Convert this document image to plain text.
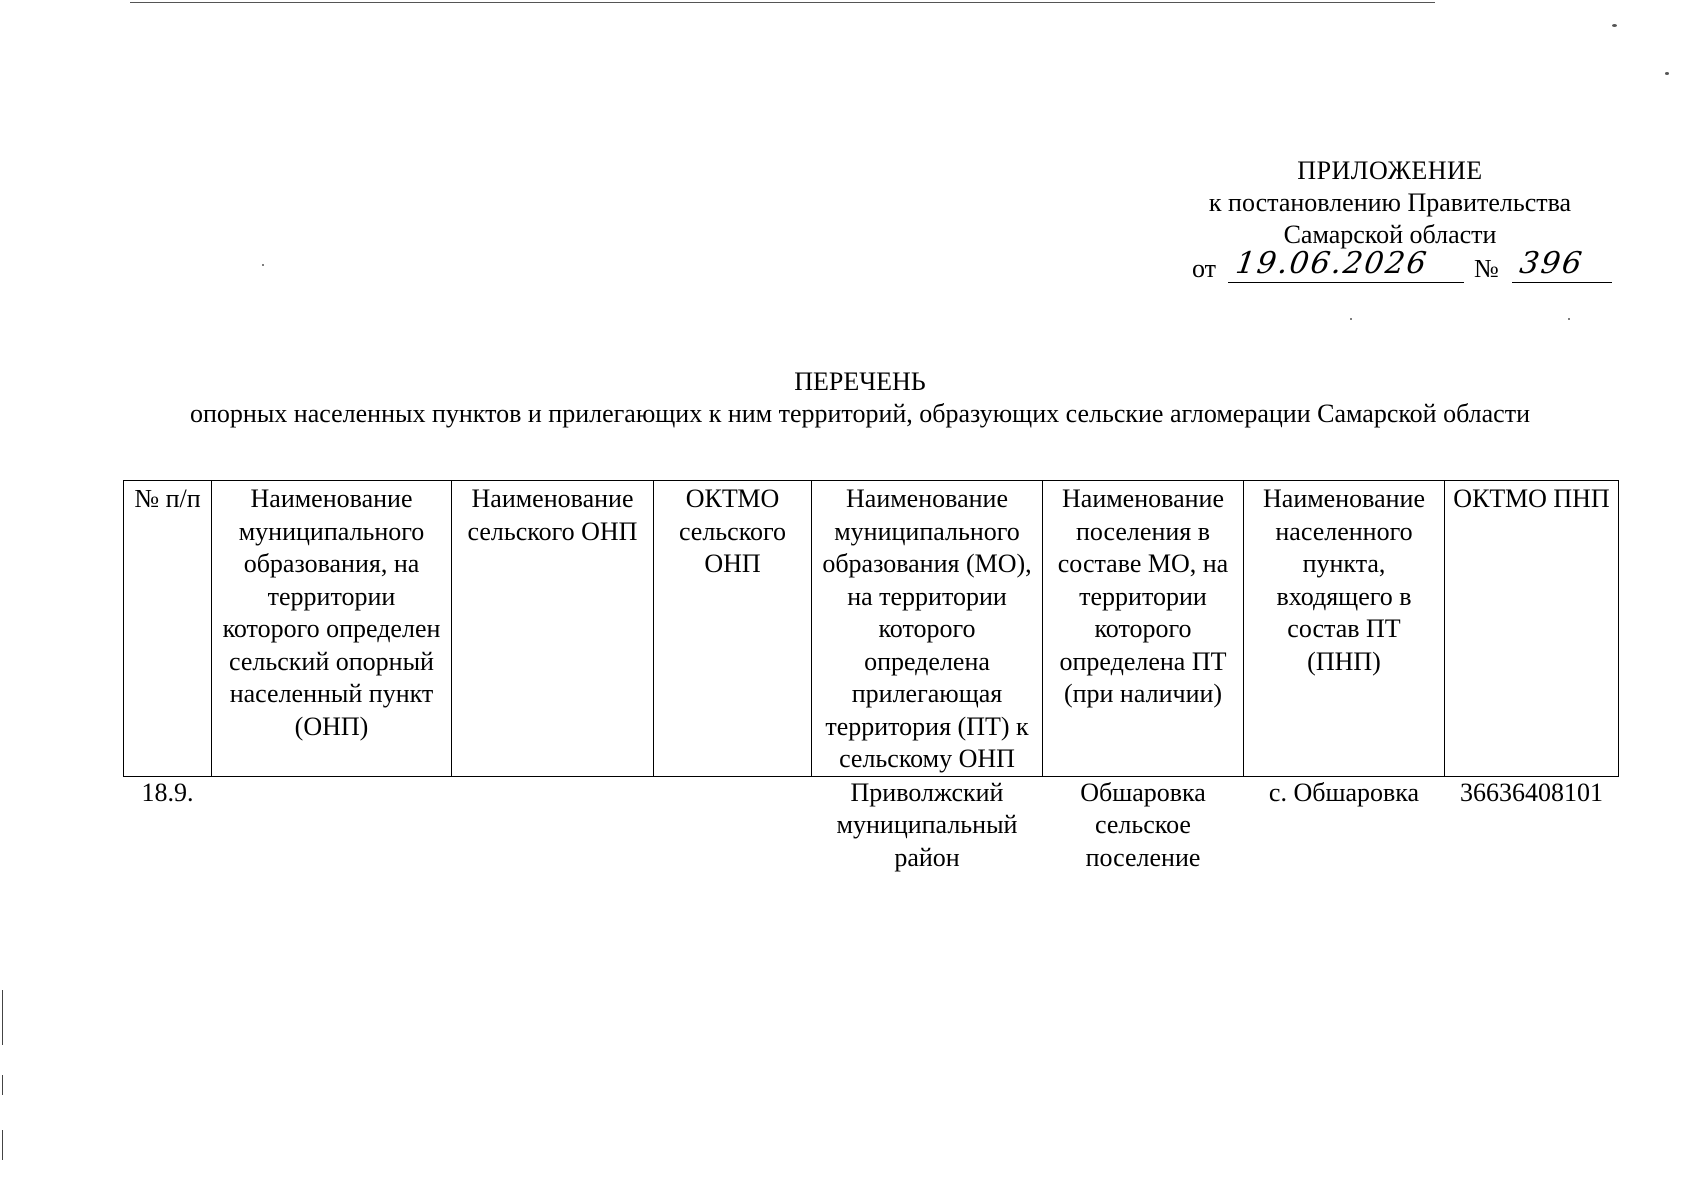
ПРИЛОЖЕНИЕ
к постановлению Правительства
Самарской области
от 19.06.2026	№ 396
ПЕРЕЧЕНЬ
опорных населенных пунктов и прилегающих к ним территорий, образующих сельские агломерации Самарской области
№ п/п	Наименование муниципального образования, на территории которого определен сельский опорный населенный пункт (ОНП)	Наименование сельского ОНП	ОКТМО сельского ОНП	Наименование муниципального образования (МО), на территории которого определена прилегающая территория (ПТ) к сельскому ОНП	Наименование поселения в составе МО, на территории которого определена ПТ (при наличии)	Наименование населенного пункта, входящего в состав ПТ (ПНП)	ОКТМО ПНП
18.9.				Приволжский муниципальный район	Обшаровка сельское поселение	с. Обшаровка	36636408101
